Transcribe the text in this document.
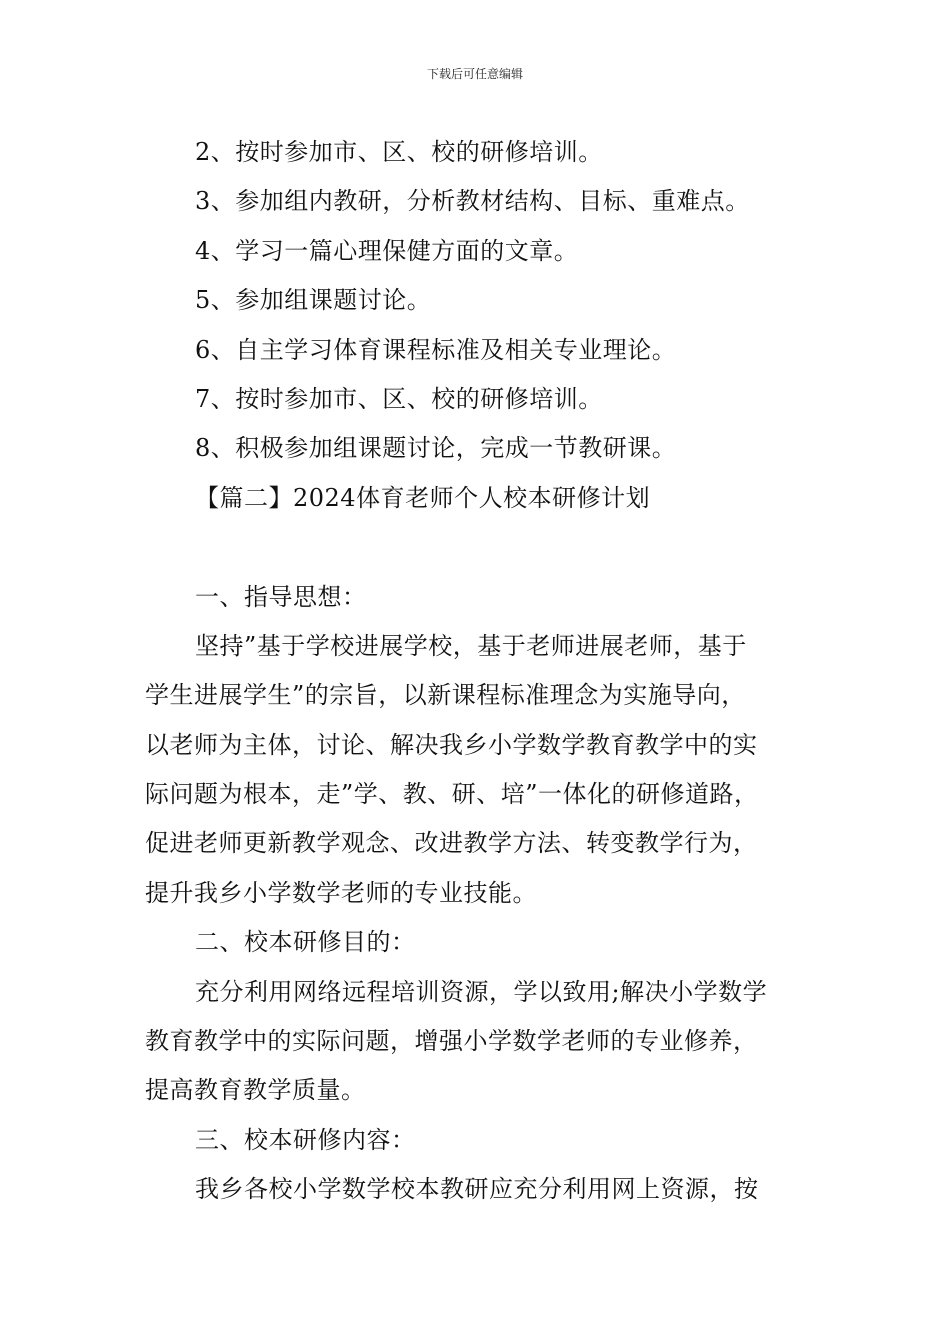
下载后可任意编辑
2、按时参加市、区、校的研修培训。
3、参加组内教研，分析教材结构、目标、重难点。
4、学习一篇心理保健方面的文章。
5、参加组课题讨论。
6、自主学习体育课程标准及相关专业理论。
7、按时参加市、区、校的研修培训。
8、积极参加组课题讨论，完成一节教研课。
【篇二】2024体育老师个人校本研修计划
一、指导思想：
坚持”基于学校进展学校，基于老师进展老师，基于
学生进展学生”的宗旨，以新课程标准理念为实施导向，
以老师为主体，讨论、解决我乡小学数学教育教学中的实
际问题为根本，走”学、教、研、培”一体化的研修道路，
促进老师更新教学观念、改进教学方法、转变教学行为，
提升我乡小学数学老师的专业技能。
二、校本研修目的：
充分利用网络远程培训资源，学以致用;解决小学数学
教育教学中的实际问题，增强小学数学老师的专业修养，
提高教育教学质量。
三、校本研修内容：
我乡各校小学数学校本教研应充分利用网上资源，按
